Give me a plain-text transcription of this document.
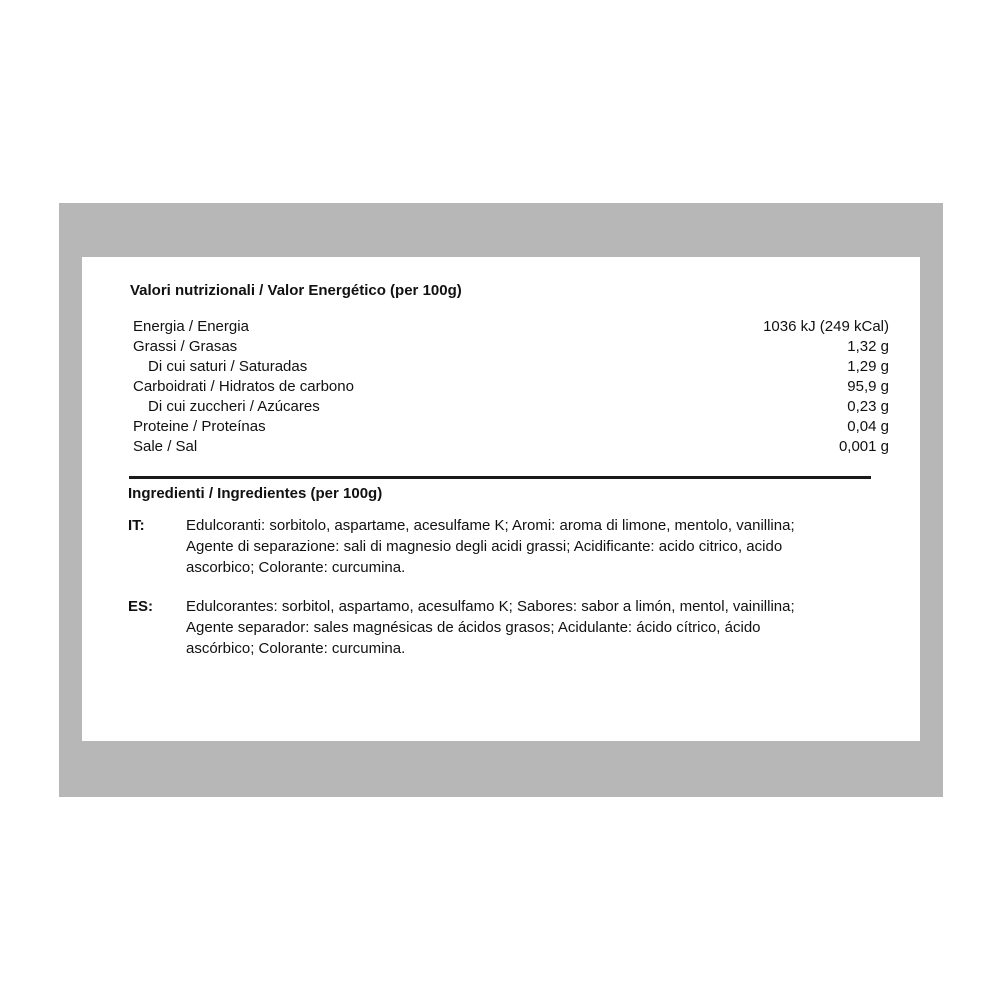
Valori nutrizionali / Valor Energético (per 100g)
Energia / Energia	1036 kJ (249 kCal)
Grassi / Grasas	1,32 g
Di cui saturi / Saturadas	1,29 g
Carboidrati / Hidratos de carbono	95,9 g
Di cui zuccheri / Azúcares	0,23 g
Proteine / Proteínas	0,04 g
Sale / Sal	0,001 g
Ingredienti / Ingredientes (per 100g)
IT:	Edulcoranti: sorbitolo, aspartame, acesulfame K; Aromi: aroma di limone, mentolo, vanillina;
Agente di separazione: sali di magnesio degli acidi grassi; Acidificante: acido citrico, acido
ascorbico; Colorante: curcumina.
ES: Edulcorantes: sorbitol, aspartamo, acesulfamo K; Sabores: sabor a limón, mentol, vainillina;
Agente separador: sales magnésicas de ácidos grasos; Acidulante: ácido cítrico, ácido
ascórbico; Colorante: curcumina.
